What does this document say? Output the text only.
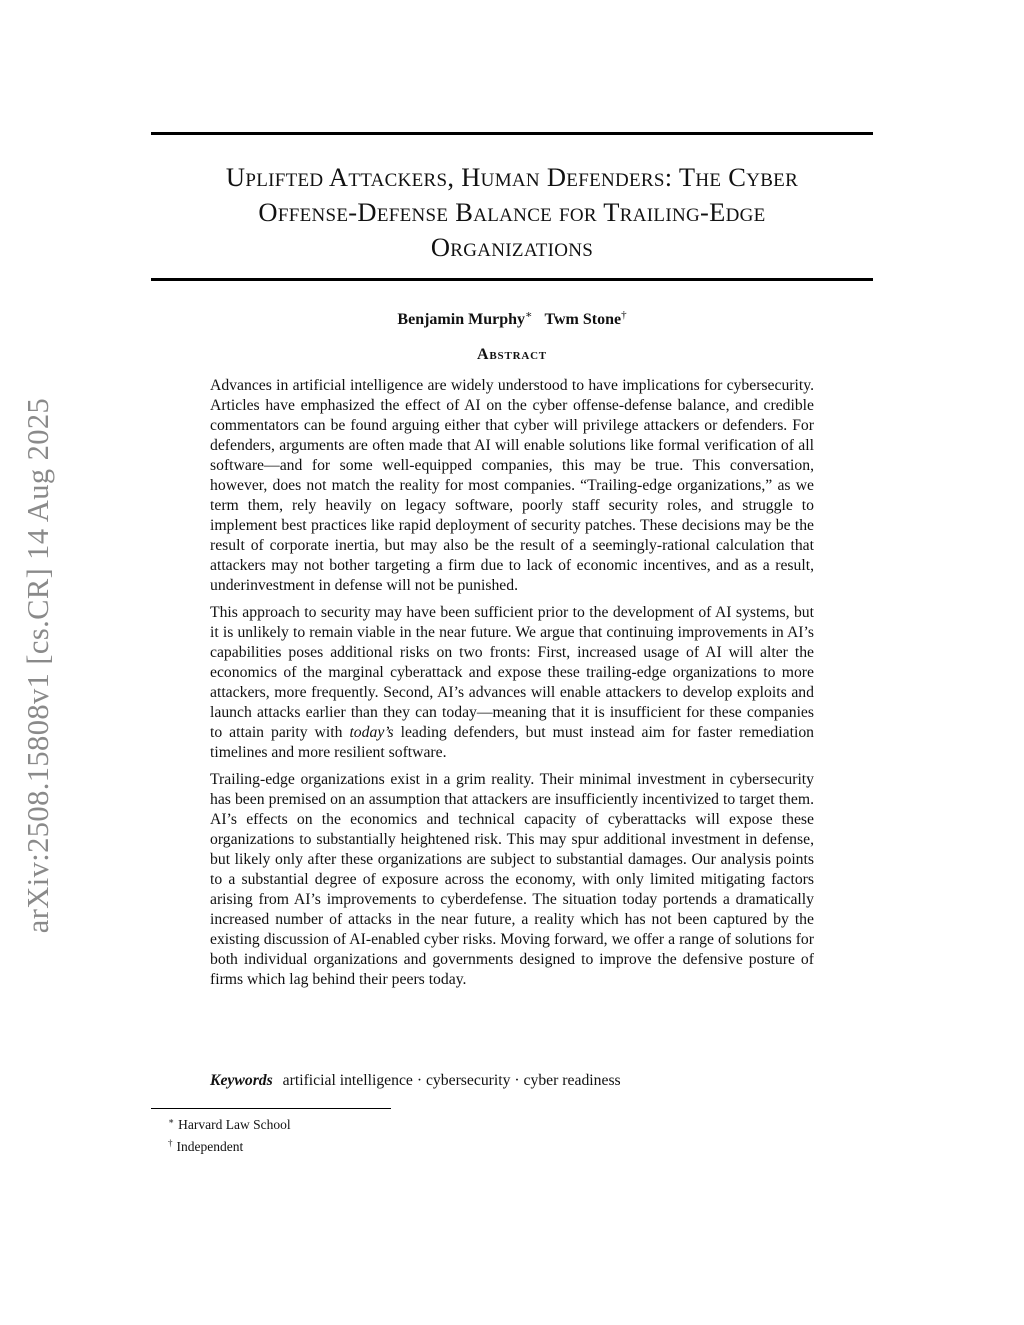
arXiv:2508.15808v1 [cs.CR] 14 Aug 2025
Uplifted Attackers, Human Defenders: The Cyber
Offense-Defense Balance for Trailing-Edge
Organizations
Benjamin Murphy∗ Twm Stone†
Abstract

Advances in artificial intelligence are widely understood to have implications for cybersecurity. Articles have emphasized the effect of AI on the cyber offense-defense balance, and credible commentators can be found arguing either that cyber will privilege attackers or defenders. For defenders, arguments are often made that AI will enable solutions like formal verification of all software—and for some well-equipped companies, this may be true. This conversation, however, does not match the reality for most companies. “Trailing-edge organizations,” as we term them, rely heavily on legacy software, poorly staff security roles, and struggle to implement best practices like rapid deployment of security patches. These decisions may be the result of corporate inertia, but may also be the result of a seemingly-rational calculation that attackers may not bother targeting a firm due to lack of economic incentives, and as a result, underinvestment in defense will not be punished.

This approach to security may have been sufficient prior to the development of AI systems, but it is unlikely to remain viable in the near future. We argue that continuing improvements in AI’s capabilities poses additional risks on two fronts: First, increased usage of AI will alter the economics of the marginal cyberattack and expose these trailing-edge organizations to more attackers, more frequently. Second, AI’s advances will enable attackers to develop exploits and launch attacks earlier than they can today—meaning that it is insufficient for these companies to attain parity with today’s leading defenders, but must instead aim for faster remediation timelines and more resilient software.

Trailing-edge organizations exist in a grim reality. Their minimal investment in cybersecurity has been premised on an assumption that attackers are insufficiently incentivized to target them. AI’s effects on the economics and technical capacity of cyberattacks will expose these organizations to substantially heightened risk. This may spur additional investment in defense, but likely only after these organizations are subject to substantial damages. Our analysis points to a substantial degree of exposure across the economy, with only limited mitigating factors arising from AI’s improvements to cyberdefense. The situation today portends a dramatically increased number of attacks in the near future, a reality which has not been captured by the existing discussion of AI-enabled cyber risks. Moving forward, we offer a range of solutions for both individual organizations and governments designed to improve the defensive posture of firms which lag behind their peers today.

Keywords artificial intelligence · cybersecurity · cyber readiness
∗ Harvard Law School
† Independent
